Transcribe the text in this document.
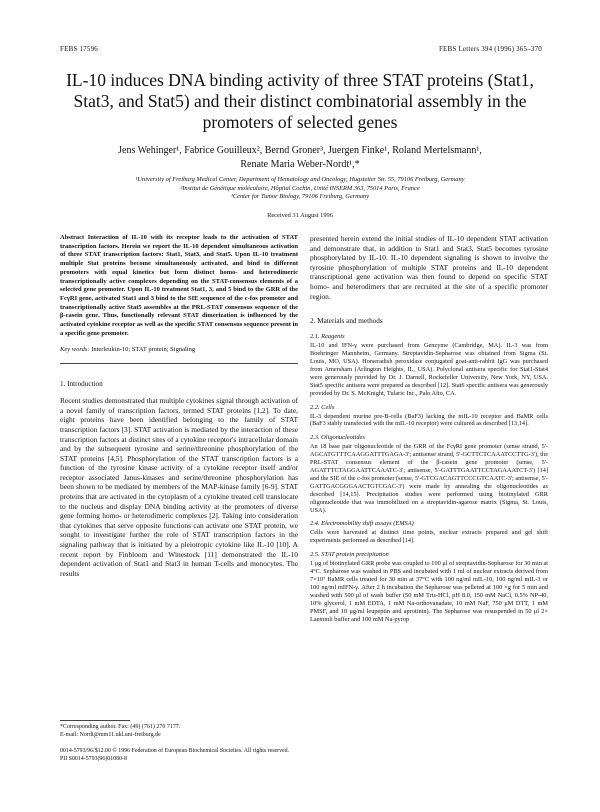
FEBS 17596	FEBS Letters 394 (1996) 365–370
IL-10 induces DNA binding activity of three STAT proteins (Stat1, Stat3, and Stat5) and their distinct combinatorial assembly in the promoters of selected genes
Jens Wehinger¹, Fabrice Gouilleux², Bernd Groner³, Juergen Finke¹, Roland Mertelsmann¹,
Renate Maria Weber-Nordt¹,*
¹University of Freiburg Medical Center, Department of Hematology and Oncology, Hugstetter Str. 55, 79106 Freiburg, Germany
²Institut de Génétique moléculaire, Hôpital Cochin, Unité INSERM 363, 75014 Paris, France
³Center for Tumor Biology, 79106 Freiburg, Germany
Received 31 August 1996

Abstract Interaction of IL-10 with its receptor leads to the activation of STAT transcription factors. Herein we report the IL-10 dependent simultaneous activation of three STAT transcription factors: Stat1, Stat3, and Stat5. Upon IL-10 treatment multiple Stat proteins become simultaneously activated, and bind to different promoters with equal kinetics but form distinct homo- and heterodimeric transcriptionally active complexes depending on the STAT-consensus elements of a selected gene promoter. Upon IL-10 treatment Stat1, 3, and 5 bind to the GRR of the FcγRI gene, activated Stat1 and 3 bind to the SIE sequence of the c-fos promoter and transcriptionally active Stat5 assembles at the PRL-STAT consensus sequence of the β-casein gene. Thus, functionally relevant STAT dimerization is influenced by the activated cytokine receptor as well as the specific STAT consensus sequence present in a specific gene promoter.

Key words: Interleukin-10; STAT protein; Signaling

1. Introduction

Recent studies demonstrated that multiple cytokines signal through activation of a novel family of transcription factors, termed STAT proteins [1,2]. To date, eight proteins have been identified belonging to the family of STAT transcription factors [3]. STAT activation is mediated by the interaction of these transcription factors at distinct sites of a cytokine receptor's intracellular domain and by the subsequent tyrosine and serine/threonine phosphorylation of the STAT proteins [4,5]. Phosphorylation of the STAT transcription factors is a function of the tyrosine kinase activity of a cytokine receptor itself and/or receptor associated Janus-kinases and serine/threonine phosphorylation has been shown to be mediated by members of the MAP-kinase family [6-9]. STAT proteins that are activated in the cytoplasm of a cytokine treated cell translocate to the nucleus and display DNA binding activity at the promoters of diverse gene forming homo- or heterodimeric complexes [2]. Taking into consideration that cytokines that serve opposite functions can activate one STAT protein, we sought to investigate further the role of STAT transcription factors in the signaling pathway that is initiated by a pleiotropic cytokine like IL-10 [10]. A recent report by Finbloom and Winestock [11] demonstrated the IL-10 dependent activation of Stat1 and Stat3 in human T-cells and monocytes. The results

*Corresponding author. Fax: (49) (761) 270 7177.

E-mail: Nordt@mm11.ukl.uni-freiburg.de

0014-5793/96/$12.00 © 1996 Federation of European Biochemical Societies. All rights reserved.
PII S0014-5793(96)01080-8

presented herein extend the initial studies of IL-10 dependent STAT activation and demonstrate that, in addition to Stat1 and Stat3, Stat5 becomes tyrosine phosphorylated by IL-10. IL-10 dependent signaling is shown to involve the tyrosine phosphorylation of multiple STAT proteins and IL-10 dependent transcriptional gene activation was then found to depend on specific STAT homo- and heterodimers that are recruited at the site of a specific promoter region.

2. Materials and methods
2.1. Reagents

IL-10 and IFN-γ were purchased from Genzyme (Cambridge, MA). IL-3 was from Boehringer Mannheim, Germany. Streptavidin-Sepharose was obtained from Sigma (St. Louis, MO, USA). Horseradish peroxidase conjugated goat-anti-rabbit IgG was purchased from Amersham (Arlington Heights, IL, USA). Polyclonal antisera specific for Stat1-Stat4 were generously provided by Dr. J. Darnell, Rockefeller University, New York, NY, USA. Stat5 specific antisera were prepared as described [12]. Stat6 specific antisera was generously provided by Dr. S. McKnight, Tularic Inc., Palo Alto, CA.

2.2. Cells

IL-3 dependent murine pre-B-cells (BaF3) lacking the mIL-10 receptor and BaMR cells (BaF3 stably transfected with the mIL-10 receptor) were cultured as described [13,14].

2.3. Oligonucleotides

An 18 base pair oligonucleotide of the GRR of the FcγRI gene promoter (sense strand, 5'-AGCATGTTTCAAGGATTTGAGA-3'; antisense strand, 5'-GCTTCTCAAATCCTTG-3'), the PRL-STAT consensus element of the β-casein gene promoter (sense, 5'-AGATTTCTAGGAATTCAAATC-3'; antisense, 5'-GATTTGAATTCCTAGAAATCT-3') [14] and the SIE of the c-fos promoter (sense, 5'-GTCGACAGTTCCCGTCAATC-3'; antisense, 5'-GATTGACGGGAACTGTCGAC-3') were made by annealing the oligonucleotides as described [14,15]. Precipitation studies were performed using biotinylated GRR oligonucleotide that was immobilized on a streptavidin-agarose matrix (Sigma, St. Louis, USA).

2.4. Electromobility shift assays (EMSA)

Cells were harvested at distinct time points, nuclear extracts prepared and gel shift experiments performed as described [14].

2.5. STAT protein precipitation

1 μg of biotinylated GRR probe was coupled to 100 μl of streptavidin-Sepharose for 30 min at 4°C. Sepharose was washed in PBS and incubated with 1 ml of nuclear extracts derived from 7×10⁷ BaMR cells treated for 30 min at 37°C with 100 ng/ml mIL-10, 100 ng/ml mIL-3 or 100 ng/ml mIFN-γ. After 2 h incubation the Sepharose was pelleted at 100 ×g for 5 min and washed with 500 μl of wash buffer (50 mM Tris-HCl, pH 8.0, 150 mM NaCl, 0.5% NP-40, 10% glycerol, 1 mM EDTA, 1 mM Na-orthovanadate, 10 mM NaF, 750 μM DTT, 1 mM PMSF, and 10 μg/ml leupeptin and aprotinin). The Sepharose was resuspended in 50 μl 2× Laemmli buffer and 100 mM Na-pyrop
